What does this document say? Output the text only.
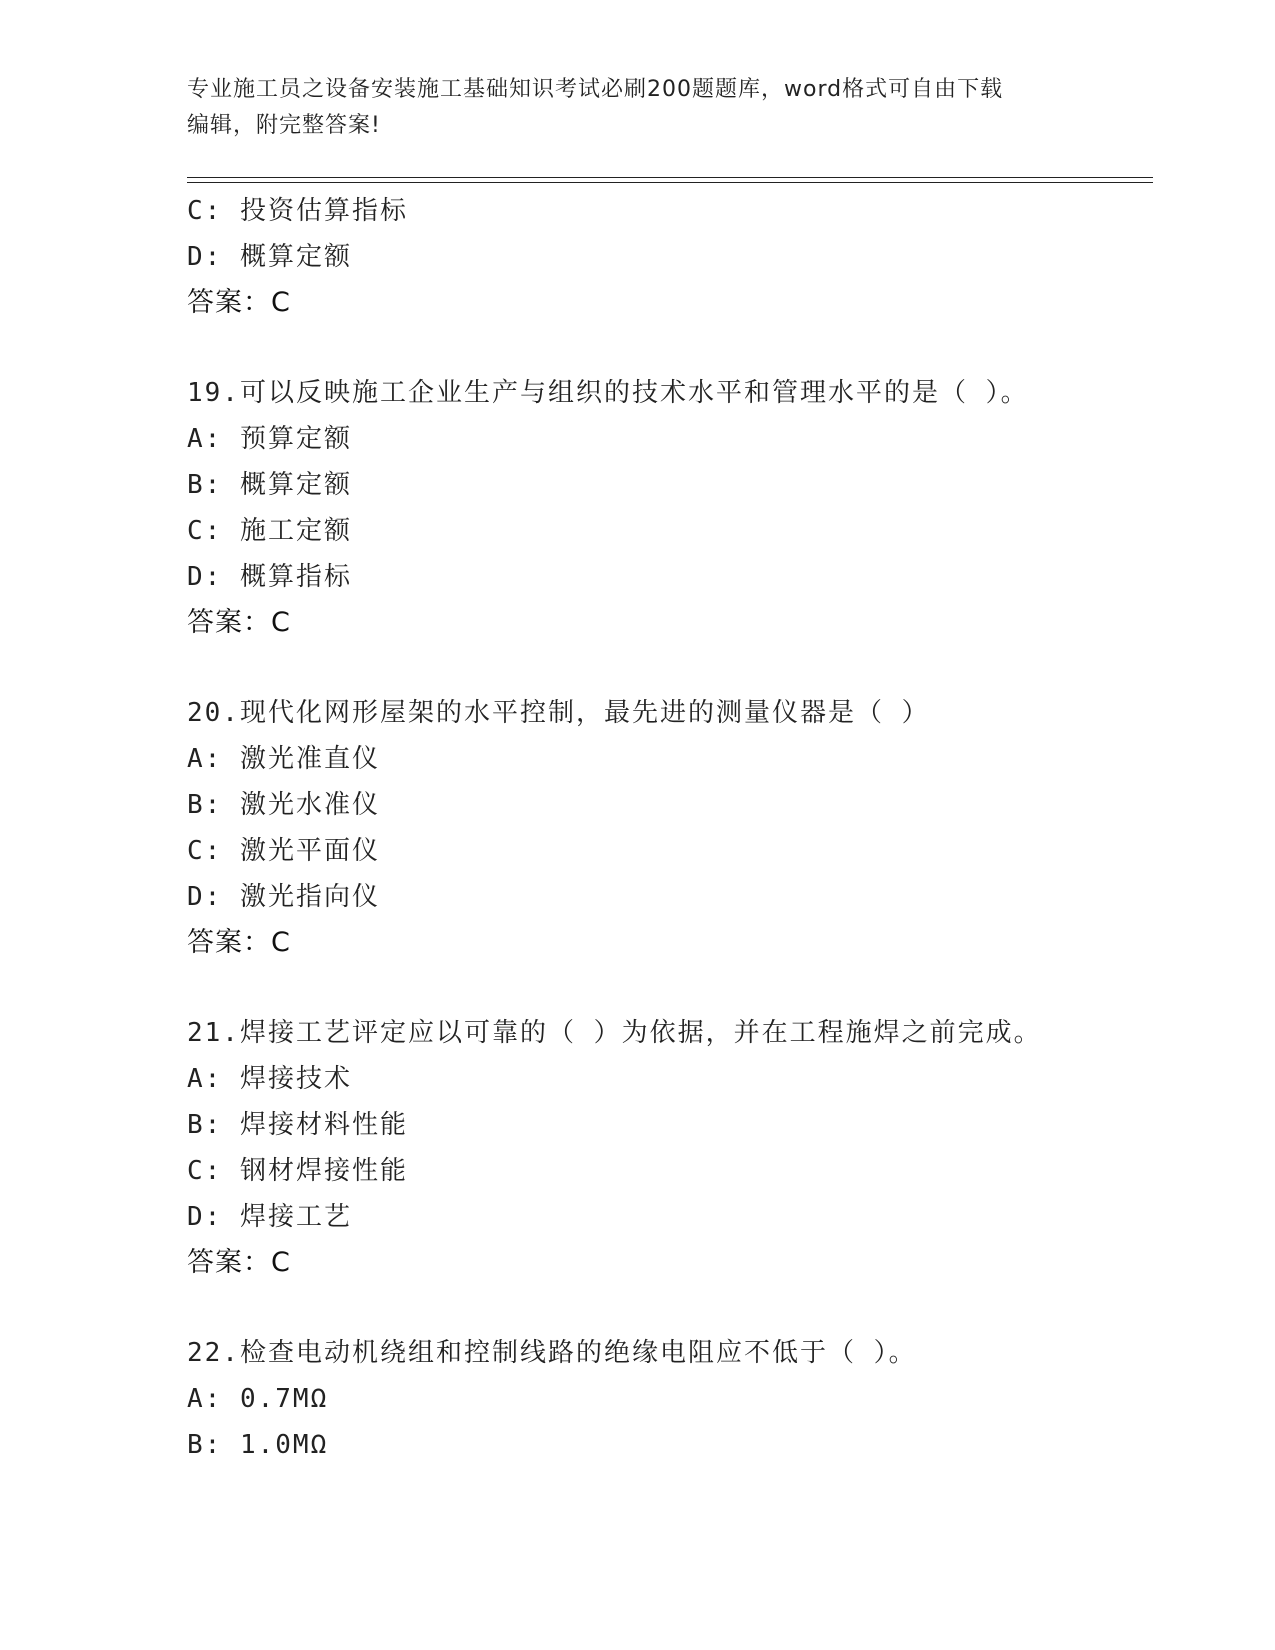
专业施工员之设备安装施工基础知识考试必刷200题题库，word格式可自由下载
编辑，附完整答案!
C: 投资估算指标
D: 概算定额
答案：C
19.可以反映施工企业生产与组织的技术水平和管理水平的是（ ）。
A: 预算定额
B: 概算定额
C: 施工定额
D: 概算指标
答案：C
20.现代化网形屋架的水平控制，最先进的测量仪器是（ ）
A: 激光准直仪
B: 激光水准仪
C: 激光平面仪
D: 激光指向仪
答案：C
21.焊接工艺评定应以可靠的（ ）为依据，并在工程施焊之前完成。
A: 焊接技术
B: 焊接材料性能
C: 钢材焊接性能
D: 焊接工艺
答案：C
22.检查电动机绕组和控制线路的绝缘电阻应不低于（ ）。
A: 0.7MΩ
B: 1.0MΩ
